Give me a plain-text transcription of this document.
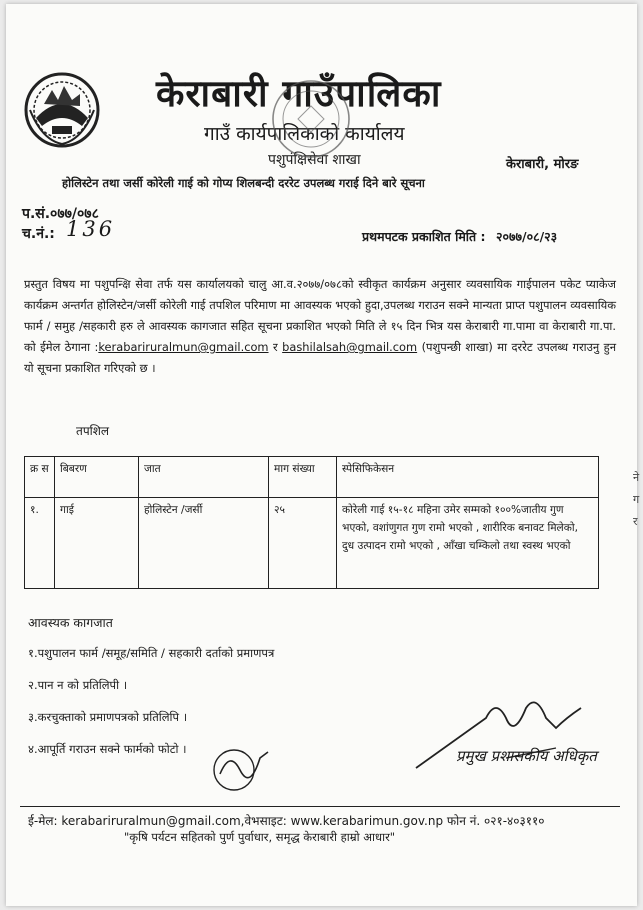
केराबारी गाउँपालिका
गाउँ कार्यपालिकाको कार्यालय
पशुपंक्षिसेवा शाखा	केराबारी, मोरङ
होलिस्टेन तथा जर्सी कोरेली गाई को गोप्य शिलबन्दी दररेट उपलब्ध गराई दिने बारे सूचना
प.सं.०७७/०७८
च.नं.: 136	प्रथमपटक प्रकाशित मिति : २०७७/०८/२३
प्रस्तुत विषय मा पशुपन्क्षि सेवा तर्फ यस कार्यालयको चालु आ.व.२०७७/०७८को स्वीकृत कार्यक्रम अनुसार व्यवसायिक गाईपालन पकेट प्याकेज कार्यक्रम अन्तर्गत होलिस्टेन/जर्सी कोरेली गाई तपशिल परिमाण मा आवस्यक भएको हुदा,उपलब्ध गराउन सक्ने मान्यता प्राप्त पशुपालन व्यवसायिक फार्म / समुह /सहकारी हरु ले आवस्यक कागजात सहित सूचना प्रकाशित भएको मिति ले १५ दिन भित्र यस केराबारी गा.पामा वा केराबारी गा.पा. को ईमेल ठेगाना :kerabariruralmun@gmail.com र bashilalsah@gmail.com (पशुपन्छी शाखा) मा दररेट उपलब्ध गराउनु हुन यो सूचना प्रकाशित गरिएको छ ।
तपशिल
क्र स	बिबरण	जात	माग संख्या	स्पेसिफिकेसन
१.	गाई	होलिस्टेन /जर्सी	२५	कोरेली गाई १५-१८ महिना उमेर सम्मको १००%जातीय गुण भएको, वशांणुगत गुण रामो भएको , शारीरिक बनावट मिलेको, दुध उत्पादन रामो भएको , आँखा चम्किलो तथा स्वस्थ भएको
आवस्यक कागजात
१.पशुपालन फार्म /समूह/समिति / सहकारी दर्ताको प्रमाणपत्र
२.पान न को प्रतिलिपी ।
३.करचुक्ताको प्रमाणपत्रको प्रतिलिपि ।
४.आपूर्ति गराउन सक्ने फार्मको फोटो ।	प्रमुख प्रशासकीय अधिकृत
ई-मेल: kerabariruralmun@gmail.com,वेभसाइट: www.kerabarimun.gov.np फोन नं. ०२१-४०३११०
"कृषि पर्यटन सहितको पुर्ण पुर्वाधार, समृद्ध केराबारी हाम्रो आधार"
ने
ग
र
